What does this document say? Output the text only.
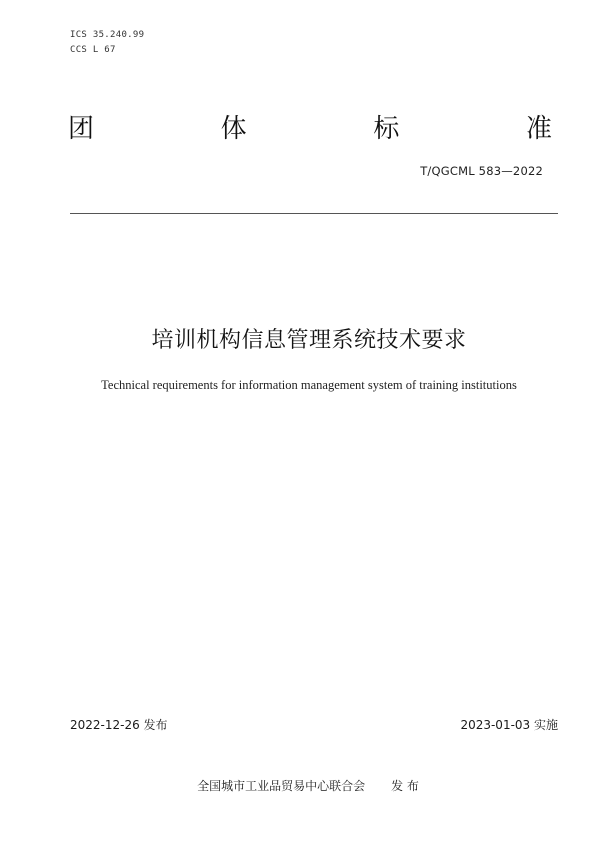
ICS 35.240.99
CCS L 67
团	体	标	准
T/QGCML 583—2022
培训机构信息管理系统技术要求
Technical requirements for information management system of training institutions
2022-12-26 发布	2023-01-03 实施
全国城市工业品贸易中心联合会 发 布
